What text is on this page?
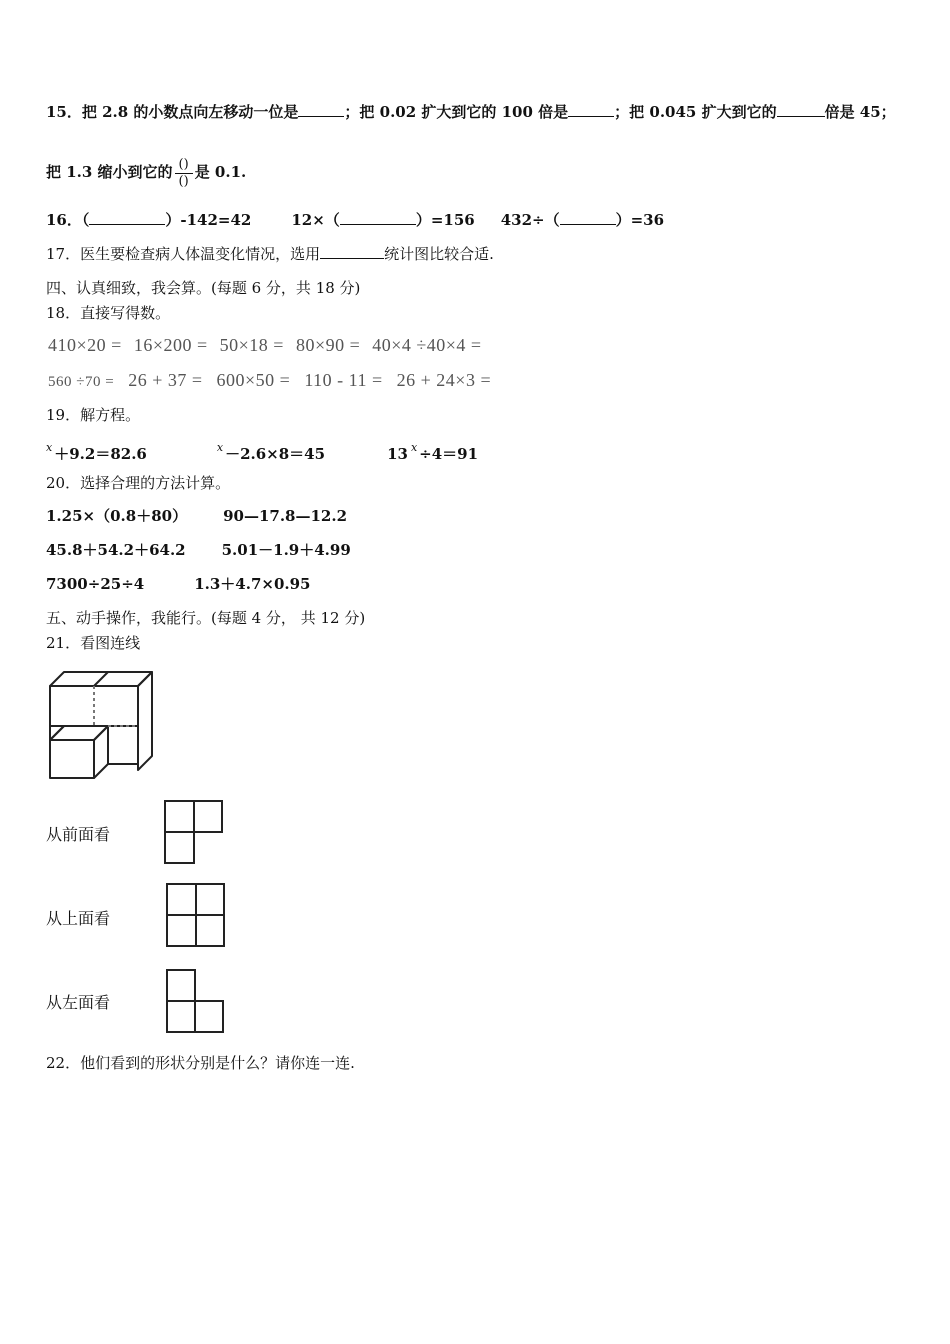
15．把 2.8 的小数点向左移动一位是	；把 0.02 扩大到它的 100 倍是	；把 0.045 扩大到它的	倍是 45；
把 1.3 缩小到它的 $\frac{()}{()}$ 是 0.1.
16．（	）-142=42	12×（	）=156 432÷（	）=36
17．医生要检查病人体温变化情况，选用	统计图比较合适.
四、认真细致，我会算。(每题 6 分，共 18 分)
18．直接写得数。
410×20 = 16×200 = 50×18 = 80×90 = 40×4 ÷40×4 =
560 ÷70 = 26 + 37 = 600×50 = 110 - 11 = 26 + 24×3 =
19．解方程。
$^x$ ＋9.2＝82.6	$^x$ －2.6×8＝45	13 $^x$ ÷4＝91
20．选择合理的方法计算。
1.25×（0.8＋80） 90—17.8—12.2
45.8＋54.2＋64.2 5.01－1.9＋4.99
7300÷25÷4	1.3＋4.7×0.95
五、动手操作，我能行。(每题 4 分， 共 12 分)
21．看图连线
从前面看
从上面看
从左面看
22．他们看到的形状分别是什么？请你连一连.
